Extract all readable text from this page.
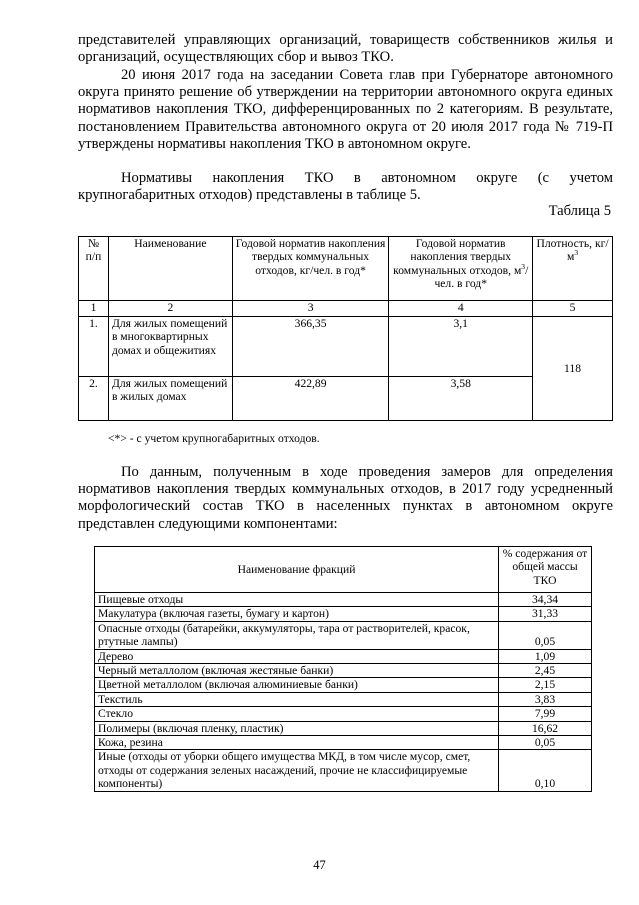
представителей управляющих организаций, товариществ собственников жилья и организаций, осуществляющих сбор и вывоз ТКО.

20 июня 2017 года на заседании Совета глав при Губернаторе автономного округа принято решение об утверждении на территории автономного округа единых нормативов накопления ТКО, дифференцированных по 2 категориям. В результате, постановлением Правительства автономного округа от 20 июля 2017 года № 719-П утверждены нормативы накопления ТКО в автономном округе.

Нормативы накопления ТКО в автономном округе (с учетом крупногабаритных отходов) представлены в таблице 5.

Таблица 5

№ п/п	Наименование	Годовой норматив накопления твердых коммунальных отходов, кг/чел. в год*	Годовой норматив накопления твердых коммунальных отходов, $м^3$/чел. в год*	Плотность, $кг/м^3$
1	2	3	4	5
1.	Для жилых помещений в многоквартирных домах и общежитиях	366,35	3,1	118
2.	Для жилых помещений в жилых домах	422,89	3,58	

<*> - с учетом крупногабаритных отходов.

По данным, полученным в ходе проведения замеров для определения нормативов накопления твердых коммунальных отходов, в 2017 году усредненный морфологический состав ТКО в населенных пунктах в автономном округе представлен следующими компонентами:

Наименование фракций	% содержания от общей массы ТКО
Пищевые отходы	34,34
Макулатура (включая газеты, бумагу и картон)	31,33
Опасные отходы (батарейки, аккумуляторы, тара от растворителей, красок, ртутные лампы)	0,05
Дерево	1,09
Черный металлолом (включая жестяные банки)	2,45
Цветной металлолом (включая алюминиевые банки)	2,15
Текстиль	3,83
Стекло	7,99
Полимеры (включая пленку, пластик)	16,62
Кожа, резина	0,05
Иные (отходы от уборки общего имущества МКД, в том числе мусор, смет, отходы от содержания зеленых насаждений, прочие не классифицируемые компоненты)	0,10

47
